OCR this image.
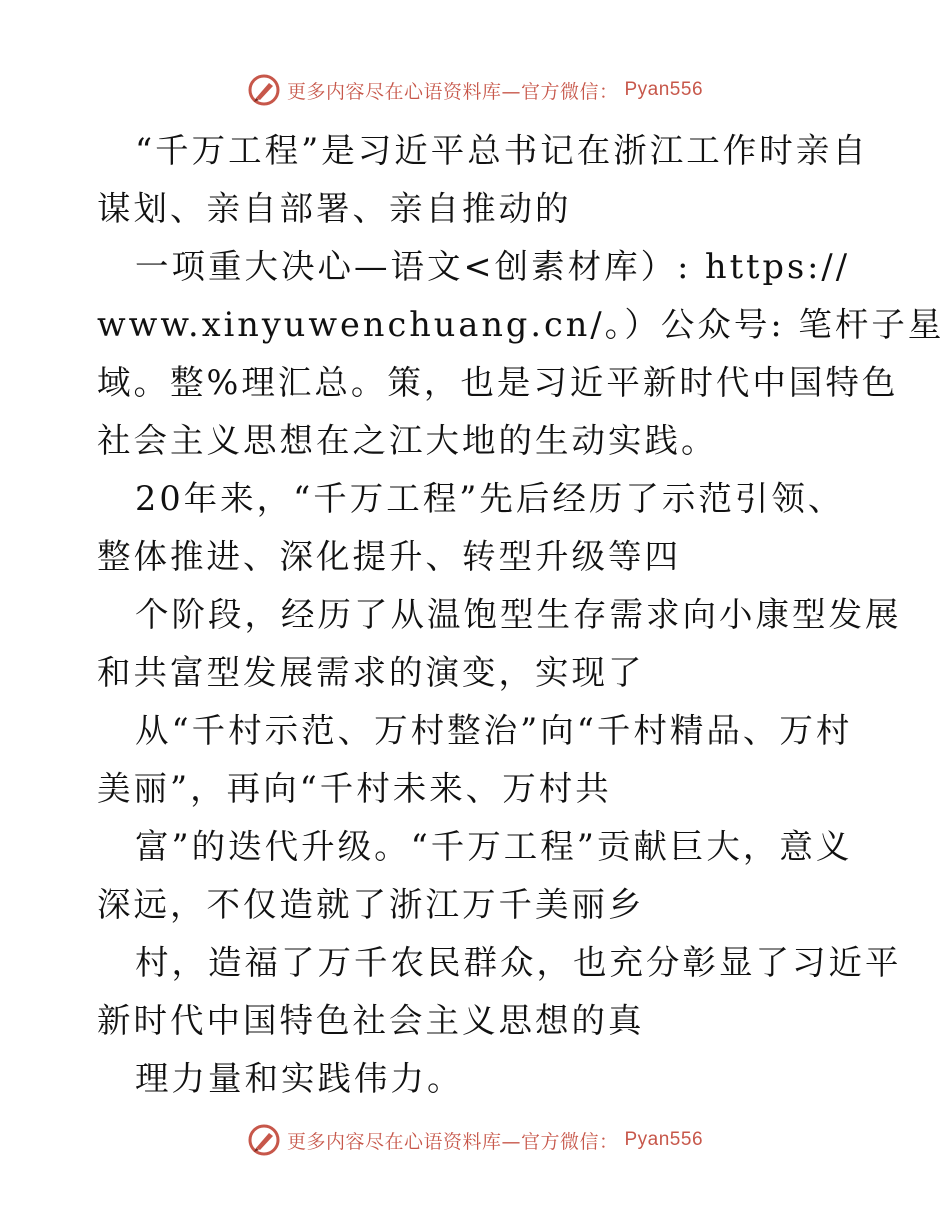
更多内容尽在心语资料库—官方微信： Pyan556
“千万工程”是习近平总书记在浙江工作时亲自
谋划、亲自部署、亲自推动的
一项重大决心—语文<创素材库）: https://
www.xinyuwenchuang.cn/。）公众号: 笔杆子星
域。整%理汇总。策，也是习近平新时代中国特色
社会主义思想在之江大地的生动实践。
20年来，“千万工程”先后经历了示范引领、
整体推进、深化提升、转型升级等四
个阶段，经历了从温饱型生存需求向小康型发展
和共富型发展需求的演变，实现了
从“千村示范、万村整治”向“千村精品、万村
美丽”，再向“千村未来、万村共
富”的迭代升级。“千万工程”贡献巨大，意义
深远，不仅造就了浙江万千美丽乡
村，造福了万千农民群众，也充分彰显了习近平
新时代中国特色社会主义思想的真
理力量和实践伟力。
更多内容尽在心语资料库—官方微信： Pyan556
